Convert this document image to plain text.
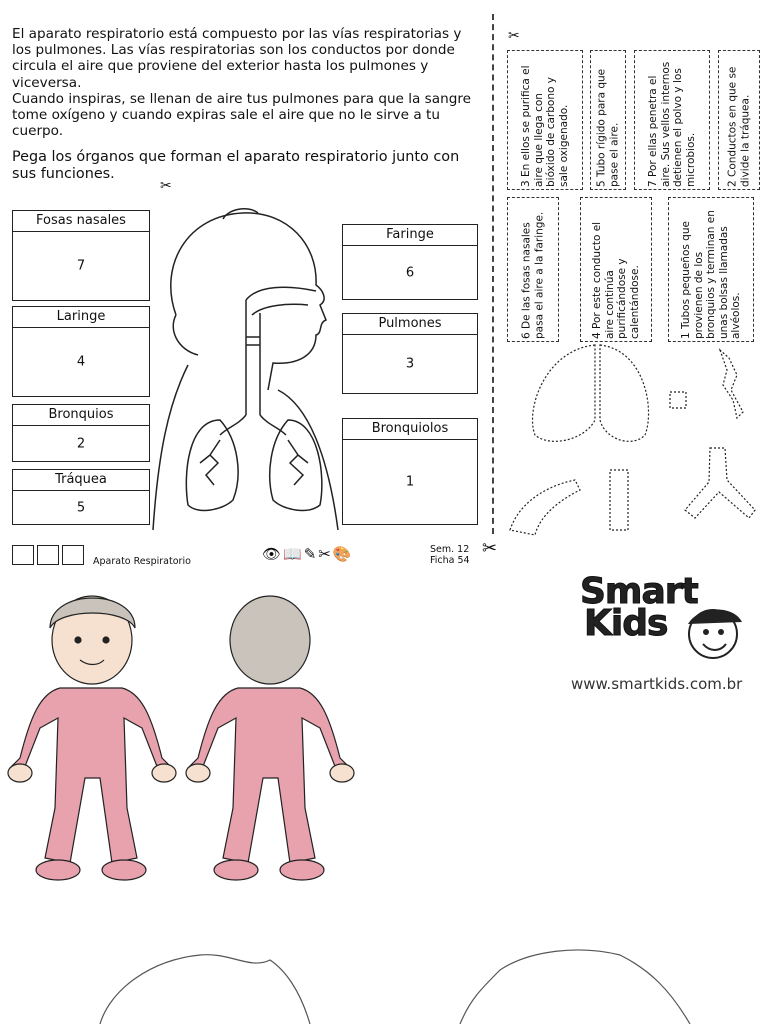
El aparato respiratorio está compuesto por las vías respiratorias y los pulmones. Las vías respiratorias son los conductos por donde circula el aire que proviene del exterior hasta los pulmones y viceversa.

Cuando inspiras, se llenan de aire tus pulmones para que la sangre tome oxígeno y cuando expiras sale el aire que no le sirve a tu cuerpo.

Pega los órganos que forman el aparato respiratorio junto con sus funciones.

✂
Fosas nasales
7
Laringe
4
Bronquios
2
Tráquea
5
Faringe
6
Pulmones
3
Bronquiolos
1
✂
3 En ellos se purifica el aire que llega con bióxido de carbono y sale oxigenado. 5 Tubo rígido para que pase el aire.	7 Por ellas penetra el aire. Sus vellos internos detienen el polvo y los microbios.	2 Conductos en que se divide la tráquea.
6 De las fosas nasales pasa el aire a la faringe.	4 Por este conducto el aire continúa purificándose y calentándose.	1 Tubos pequeños que provienen de los bronquios y terminan en unas bolsas llamadas alvéolos.
Aparato Respiratorio	👁📖✎✂🎨	Sem. 12
Ficha 54
✂
Smart
Kids
www.smartkids.com.br
